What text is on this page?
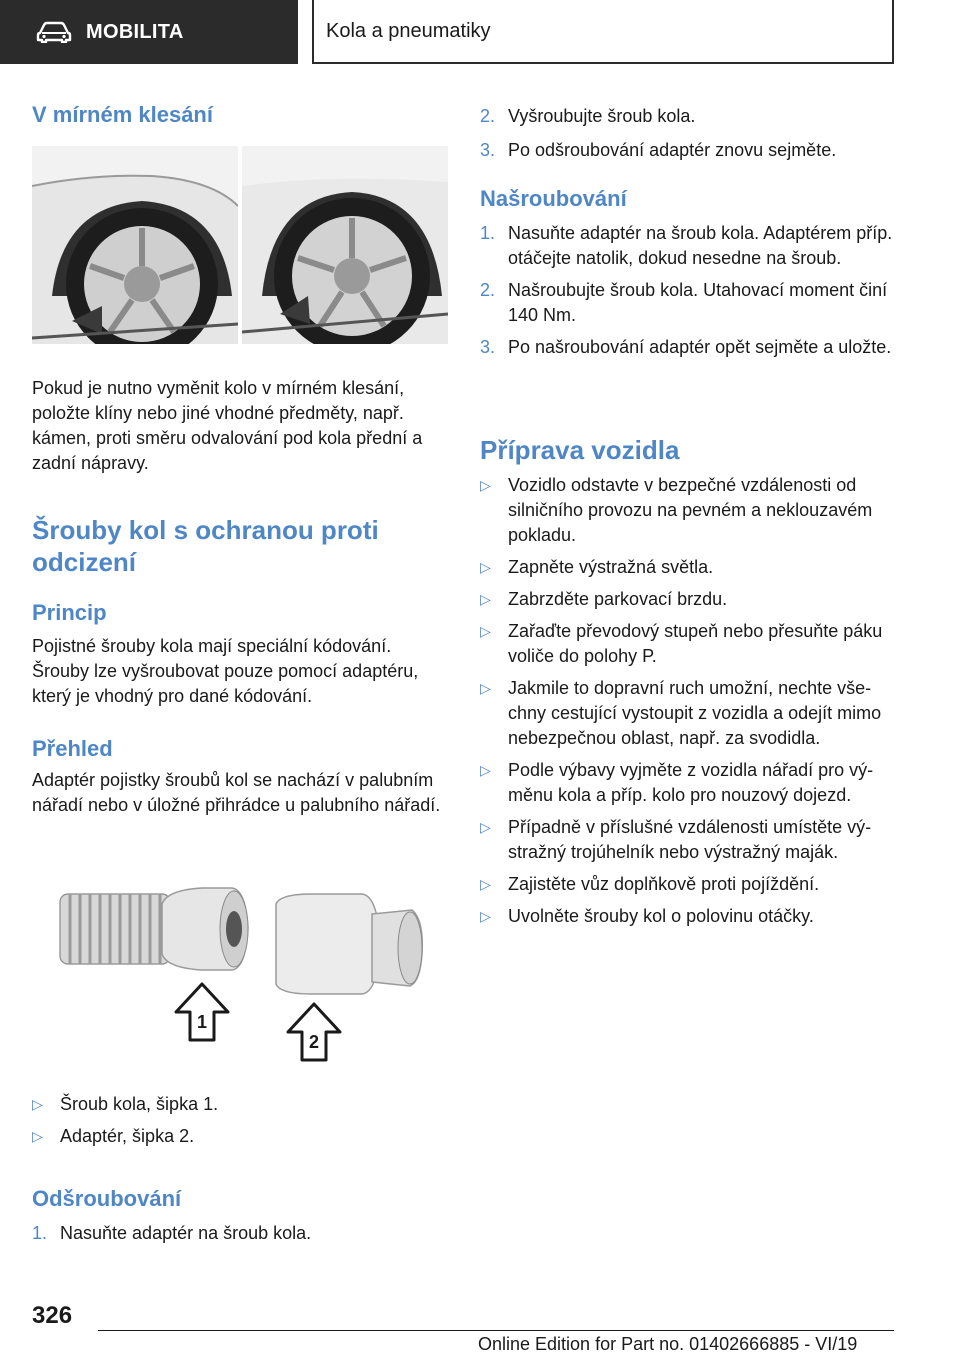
MOBILITA	Kola a pneumatiky
V mírném klesání

Pokud je nutno vyměnit kolo v mírném klesání, položte klíny nebo jiné vhodné předměty, např. kámen, proti směru odvalování pod kola přední a zadní nápravy.

Šrouby kol s ochranou proti odcizení
Princip

Pojistné šrouby kola mají speciální kódování. Šrouby lze vyšroubovat pouze pomocí adaptéru, který je vhodný pro dané kódování.

Přehled

Adaptér pojistky šroubů kol se nachází v palubním nářadí nebo v úložné přihrádce u palubního nářadí.

1
2
▷ Šroub kola, šipka 1.
▷ Adaptér, šipka 2.
Odšroubování
1. Nasuňte adaptér na šroub kola.
2. Vyšroubujte šroub kola.
3. Po odšroubování adaptér znovu sejměte.
Našroubování
1. Nasuňte adaptér na šroub kola. Adaptérem příp. otáčejte natolik, dokud nesedne na šroub.
2. Našroubujte šroub kola. Utahovací moment činí 140 Nm.
3. Po našroubování adaptér opět sejměte a uložte.
Příprava vozidla
▷ Vozidlo odstavte v bezpečné vzdálenosti od silničního provozu na pevném a neklouzavém pokladu.
▷ Zapněte výstražná světla.
▷ Zabrzděte parkovací brzdu.
▷ Zařaďte převodový stupeň nebo přesuňte páku voliče do polohy P.
▷ Jakmile to dopravní ruch umožní, nechte vše-chny cestující vystoupit z vozidla a odejít mimo nebezpečnou oblast, např. za svodidla.
▷ Podle výbavy vyjměte z vozidla nářadí pro vý-měnu kola a příp. kolo pro nouzový dojezd.
▷ Případně v příslušné vzdálenosti umístěte vý-stražný trojúhelník nebo výstražný maják.
▷ Zajistěte vůz doplňkově proti pojíždění.
▷ Uvolněte šrouby kol o polovinu otáčky.
326
Online Edition for Part no. 01402666885 - VI/19
